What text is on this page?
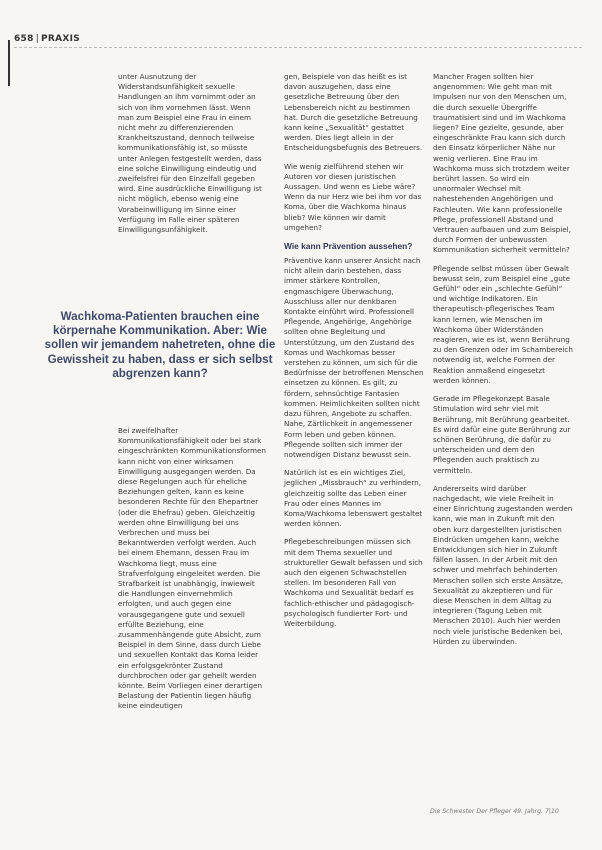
658 | PRAXIS

unter Ausnutzung der Widerstandsunfähigkeit sexuelle Handlungen an ihm vornimmt oder an sich von ihm vornehmen lässt. Wenn man zum Beispiel eine Frau in einem nicht mehr zu differenzierenden Krankheitszustand, dennoch teilweise kommunikationsfähig ist, so müsste unter Anlegen festgestellt werden, dass eine solche Einwilligung eindeutig und zweifelsfrei für den Einzelfall gegeben wird. Eine ausdrückliche Einwilligung ist nicht möglich, ebenso wenig eine Vorabeinwilligung im Sinne einer Verfügung im Falle einer späteren Einwilligungsunfähigkeit.

Wachkoma-Patienten brauchen eine körpernahe Kommunikation. Aber: Wie sollen wir jemandem nahetreten, ohne die Gewissheit zu haben, dass er sich selbst abgrenzen kann?

Bei zweifelhafter Kommunikationsfähigkeit oder bei stark eingeschränkten Kommunikationsformen kann nicht von einer wirksamen Einwilligung ausgegangen werden. Da diese Regelungen auch für eheliche Beziehungen gelten, kann es keine besonderen Rechte für den Ehepartner (oder die Ehefrau) geben. Gleichzeitig werden ohne Einwilligung bei uns Verbrechen und muss bei Bekanntwerden verfolgt werden. Auch bei einem Ehemann, dessen Frau im Wachkoma liegt, muss eine Strafverfolgung eingeleitet werden. Die Strafbarkeit ist unabhängig, inwieweit die Handlungen einvernehmlich erfolgten, und auch gegen eine vorausgegangene gute und sexuell erfüllte Beziehung, eine zusammenhängende gute Absicht, zum Beispiel in dem Sinne, dass durch Liebe und sexuellen Kontakt das Koma leider ein erfolgsgekrönter Zustand durchbrochen oder gar geheilt werden könnte. Beim Vorliegen einer derartigen Belastung der Patientin liegen häufig keine eindeutigen

gen, Beispiele von das heißt es ist davon auszugehen, dass eine gesetzliche Betreuung über den Lebensbereich nicht zu bestimmen hat. Durch die gesetzliche Betreuung kann keine „Sexualität“ gestattet werden. Dies liegt allein in der Entscheidungsbefugnis des Betreuers.

Wie wenig zielführend stehen wir Autoren vor diesen juristischen Aussagen. Und wenn es Liebe wäre? Wenn da nur Herz wie bei ihm vor das Koma, über die Wachkoma hinaus blieb? Wie können wir damit umgehen?

Wie kann Prävention aussehen?

Präventive kann unserer Ansicht nach nicht allein darin bestehen, dass immer stärkere Kontrollen, engmaschigere Überwachung, Ausschluss aller nur denkbaren Kontakte einführt wird. Professionell Pflegende, Angehörige, Angehörige sollten ohne Begleitung und Unterstützung, um den Zustand des Komas und Wachkomas besser verstehen zu können, um sich für die Bedürfnisse der betroffenen Menschen einsetzen zu können. Es gilt, zu fördern, sehnsüchtige Fantasien kommen. Heimlichkeiten sollten nicht dazu führen, Angebote zu schaffen. Nahe, Zärtlichkeit in angemessener Form leben und geben können. Pflegende sollten sich immer der notwendigen Distanz bewusst sein.

Natürlich ist es ein wichtiges Ziel, jeglichen „Missbrauch“ zu verhindern, gleichzeitig sollte das Leben einer Frau oder eines Mannes im Koma/Wachkoma lebenswert gestaltet werden können.

Pflegebeschreibungen müssen sich mit dem Thema sexueller und struktureller Gewalt befassen und sich auch den eigenen Schwachstellen stellen. Im besonderen Fall von Wachkoma und Sexualität bedarf es fachlich-ethischer und pädagogisch-psychologisch fundierter Fort- und Weiterbildung.

Mancher Fragen sollten hier angenommen: Wie geht man mit Impulsen nur von den Menschen um, die durch sexuelle Übergriffe traumatisiert sind und im Wachkoma liegen? Eine gezielte, gesunde, aber eingeschränkte Frau kann sich durch den Einsatz körperlicher Nähe nur wenig verlieren. Eine Frau im Wachkoma muss sich trotzdem weiter berührt lassen. So wird ein unnormaler Wechsel mit nahestehenden Angehörigen und Fachleuten. Wie kann professionelle Pflege, professionell Abstand und Vertrauen aufbauen und zum Beispiel, durch Formen der unbewussten Kommunikation sicherheit vermitteln?

Pflegende selbst müssen über Gewalt bewusst sein, zum Beispiel eine „gute Gefühl“ oder ein „schlechte Gefühl“ und wichtige Indikatoren. Ein therapeutisch-pflegerisches Team kann lernen, wie Menschen im Wachkoma über Widerständen reagieren, wie es ist, wenn Berührung zu den Grenzen oder im Schambereich notwendig ist, welche Formen der Reaktion anmaßend eingesetzt werden können.

Gerade im Pflegekonzept Basale Stimulation wird sehr viel mit Berührung, mit Berührung gearbeitet. Es wird dafür eine gute Berührung zur schönen Berührung, die dafür zu unterscheiden und dem den Pflegenden auch praktisch zu vermitteln.

Andererseits wird darüber nachgedacht, wie viele Freiheit in einer Einrichtung zugestanden werden kann, wie man in Zukunft mit den oben kurz dargestellten juristischen Eindrücken umgehen kann, welche Entwicklungen sich hier in Zukunft fällen lassen. In der Arbeit mit den schwer und mehrfach behinderten Menschen sollen sich erste Ansätze, Sexualität zu akzeptieren und für diese Menschen in dem Alltag zu integrieren (Tagung Leben mit Menschen 2010). Auch hier werden noch viele juristische Bedenken bei, Hürden zu überwinden.

Die Schwester Der Pfleger 49. Jahrg. 7|10
